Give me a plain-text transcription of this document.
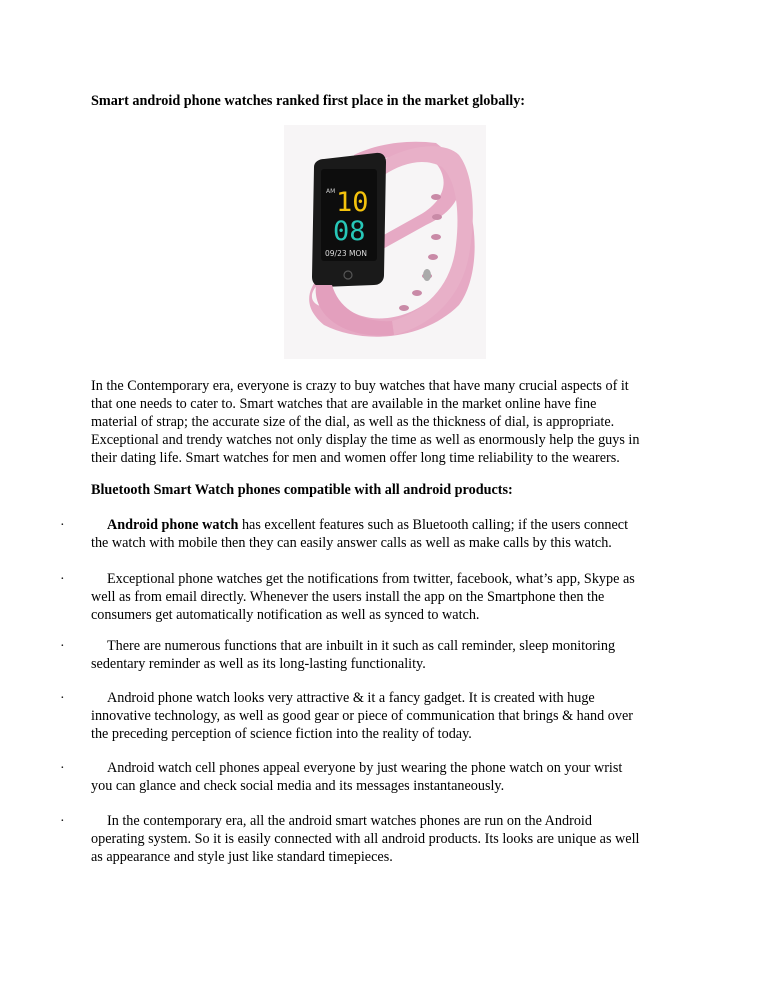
Smart android phone watches ranked first place in the market globally:

AM 10
08
09/23 MON
In the Contemporary era, everyone is crazy to buy watches that have many crucial aspects of it
that one needs to cater to. Smart watches that are available in the market online have fine
material of strap; the accurate size of the dial, as well as the thickness of dial, is appropriate.
Exceptional and trendy watches not only display the time as well as enormously help the guys in
their dating life. Smart watches for men and women offer long time reliability to the wearers.

Bluetooth Smart Watch phones compatible with all android products:

·	Android phone watch has excellent features such as Bluetooth calling; if the users connect
the watch with mobile then they can easily answer calls as well as make calls by this watch.
·	Exceptional phone watches get the notifications from twitter, facebook, what’s app, Skype as
well as from email directly. Whenever the users install the app on the Smartphone then the
consumers get automatically notification as well as synced to watch.
·	There are numerous functions that are inbuilt in it such as call reminder, sleep monitoring
sedentary reminder as well as its long-lasting functionality.
·	Android phone watch looks very attractive & it a fancy gadget. It is created with huge
innovative technology, as well as good gear or piece of communication that brings & hand over
the preceding perception of science fiction into the reality of today.
·	Android watch cell phones appeal everyone by just wearing the phone watch on your wrist
you can glance and check social media and its messages instantaneously.
·	In the contemporary era, all the android smart watches phones are run on the Android
operating system. So it is easily connected with all android products. Its looks are unique as well
as appearance and style just like standard timepieces.
